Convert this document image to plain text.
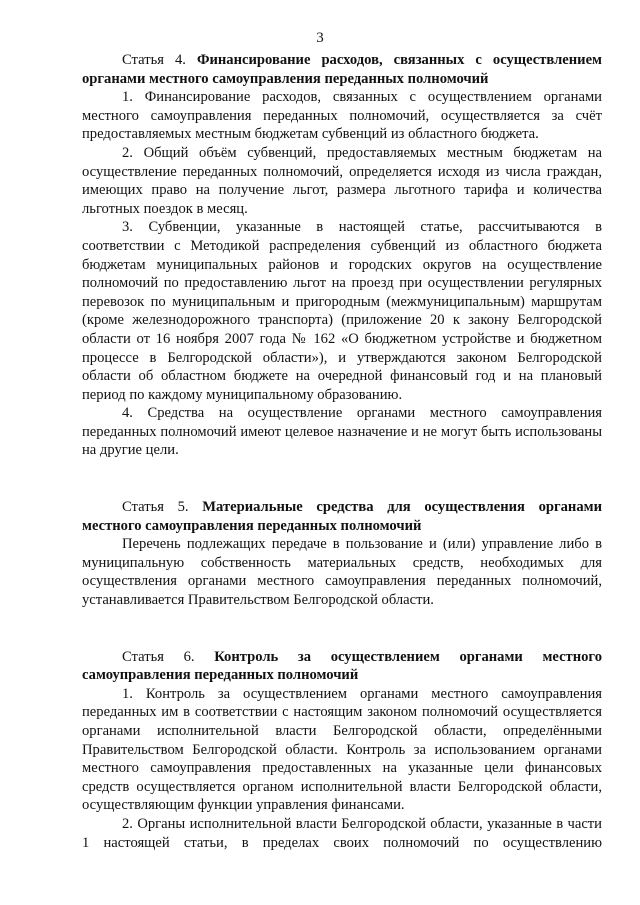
3

Статья 4. Финансирование расходов, связанных с осуществлением органами местного самоуправления переданных полномочий

1. Финансирование расходов, связанных с осуществлением органами местного самоуправления переданных полномочий, осуществляется за счёт предоставляемых местным бюджетам субвенций из областного бюджета.

2. Общий объём субвенций, предоставляемых местным бюджетам на осуществление переданных полномочий, определяется исходя из числа граждан, имеющих право на получение льгот, размера льготного тарифа и количества льготных поездок в месяц.

3. Субвенции, указанные в настоящей статье, рассчитываются в соответствии с Методикой распределения субвенций из областного бюджета бюджетам муниципальных районов и городских округов на осуществление полномочий по предоставлению льгот на проезд при осуществлении регулярных перевозок по муниципальным и пригородным (межмуниципальным) маршрутам (кроме железнодорожного транспорта) (приложение 20 к закону Белгородской области от 16 ноября 2007 года № 162 «О бюджетном устройстве и бюджетном процессе в Белгородской области»), и утверждаются законом Белгородской области об областном бюджете на очередной финансовый год и на плановый период по каждому муниципальному образованию.

4. Средства на осуществление органами местного самоуправления переданных полномочий имеют целевое назначение и не могут быть использованы на другие цели.

Статья 5. Материальные средства для осуществления органами местного самоуправления переданных полномочий

Перечень подлежащих передаче в пользование и (или) управление либо в муниципальную собственность материальных средств, необходимых для осуществления органами местного самоуправления переданных полномочий, устанавливается Правительством Белгородской области.

Статья 6. Контроль за осуществлением органами местного самоуправления переданных полномочий

1. Контроль за осуществлением органами местного самоуправления переданных им в соответствии с настоящим законом полномочий осуществляется органами исполнительной власти Белгородской области, определёнными Правительством Белгородской области. Контроль за использованием органами местного самоуправления предоставленных на указанные цели финансовых средств осуществляется органом исполнительной власти Белгородской области, осуществляющим функции управления финансами.

2. Органы исполнительной власти Белгородской области, указанные в части 1 настоящей статьи, в пределах своих полномочий по осуществлению
